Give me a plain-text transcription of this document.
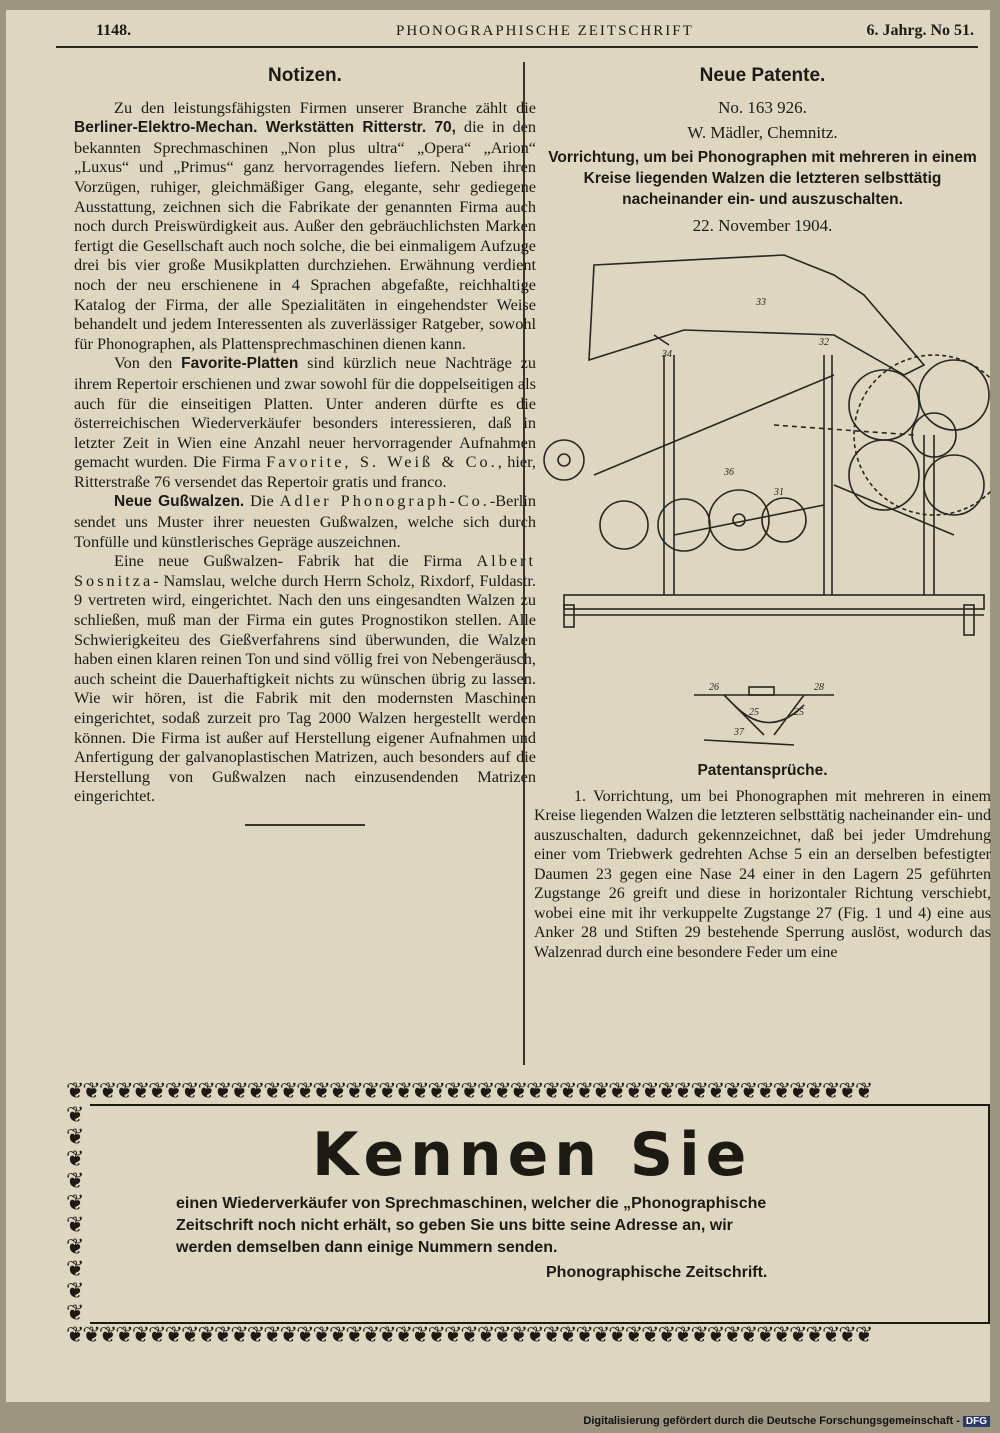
1148.	PHONOGRAPHISCHE ZEITSCHRIFT	6. Jahrg. No 51.
Notizen.

Zu den leistungsfähigsten Firmen unserer Branche zählt die Berliner-Elektro-Mechan. Werkstätten Ritterstr. 70, die in den bekannten Sprechmaschinen „Non plus ultra“ „Opera“ „Arion“ „Luxus“ und „Primus“ ganz hervorragendes liefern. Neben ihren Vorzügen, ruhiger, gleichmäßiger Gang, elegante, sehr gediegene Ausstattung, zeichnen sich die Fabrikate der genannten Firma auch noch durch Preiswürdigkeit aus. Außer den gebräuchlichsten Marken fertigt die Gesellschaft auch noch solche, die bei einmaligem Aufzuge drei bis vier große Musikplatten durchziehen. Erwähnung verdient noch der neu erschienene in 4 Sprachen abgefaßte, reichhaltige Katalog der Firma, der alle Spezialitäten in eingehendster Weise behandelt und jedem Interessenten als zuverlässiger Ratgeber, sowohl für Phonographen, als Plattensprechmaschinen dienen kann.

Von den Favorite-Platten sind kürzlich neue Nachträge zu ihrem Repertoir erschienen und zwar sowohl für die doppelseitigen als auch für die einseitigen Platten. Unter anderen dürfte es die österreichischen Wiederverkäufer besonders interessieren, daß in letzter Zeit in Wien eine Anzahl neuer hervorragender Aufnahmen gemacht wurden. Die Firma Favorite, S. Weiß & Co., hier, Ritterstraße 76 versendet das Repertoir gratis und franco.

Neue Gußwalzen. Die Adler Phonograph-Co.-Berlin sendet uns Muster ihrer neuesten Gußwalzen, welche sich durch Tonfülle und künstlerisches Gepräge auszeichnen.

Eine neue Gußwalzen- Fabrik hat die Firma Albert Sosnitza- Namslau, welche durch Herrn Scholz, Rixdorf, Fuldastr. 9 vertreten wird, eingerichtet. Nach den uns eingesandten Walzen zu schließen, muß man der Firma ein gutes Prognostikon stellen. Alle Schwierigkeiteu des Gießverfahrens sind überwunden, die Walzen haben einen klaren reinen Ton und sind völlig frei von Nebengeräusch, auch scheint die Dauerhaftigkeit nichts zu wünschen übrig zu lassen. Wie wir hören, ist die Fabrik mit den modernsten Maschinen eingerichtet, sodaß zurzeit pro Tag 2000 Walzen hergestellt werden können. Die Firma ist außer auf Herstellung eigener Aufnahmen und Anfertigung der galvanoplastischen Matrizen, auch besonders auf die Herstellung von Gußwalzen nach einzusendenden Matrizen eingerichtet.

Neue Patente.

No. 163 926.

W. Mädler, Chemnitz.

Vorrichtung, um bei Phonographen mit mehreren in einem Kreise liegenden Walzen die letzteren selbsttätig nacheinander ein- und auszuschalten.

22. November 1904.

33
34
32
36
31
37
26
25
28
25
Patentansprüche.

1. Vorrichtung, um bei Phonographen mit mehreren in einem Kreise liegenden Walzen die letzteren selbsttätig nacheinander ein- und auszuschalten, dadurch gekennzeichnet, daß bei jeder Umdrehung einer vom Triebwerk gedrehten Achse 5 ein an derselben befestigter Daumen 23 gegen eine Nase 24 einer in den Lagern 25 geführten Zugstange 26 greift und diese in horizontaler Richtung verschiebt, wobei eine mit ihr verkuppelte Zugstange 27 (Fig. 1 und 4) eine aus Anker 28 und Stiften 29 bestehende Sperrung auslöst, wodurch das Walzenrad durch eine besondere Feder um eine

❦❦❦❦❦❦❦❦❦❦❦❦❦❦❦❦❦❦❦❦❦❦❦❦❦❦❦❦❦❦❦❦❦❦❦❦❦❦❦❦❦❦❦❦❦❦❦❦❦
❦ ❦ ❦ ❦ ❦ ❦ ❦ ❦ ❦ ❦
Kennen Sie
einen Wiederverkäufer von Sprechmaschinen, welcher die „Phonographische
Zeitschrift noch nicht erhält, so geben Sie uns bitte seine Adresse an, wir
werden demselben dann einige Nummern senden.
Phonographische Zeitschrift.
❦❦❦❦❦❦❦❦❦❦❦❦❦❦❦❦❦❦❦❦❦❦❦❦❦❦❦❦❦❦❦❦❦❦❦❦❦❦❦❦❦❦❦❦❦❦❦❦❦
Digitalisierung gefördert durch die Deutsche Forschungsgemeinschaft - DFG
